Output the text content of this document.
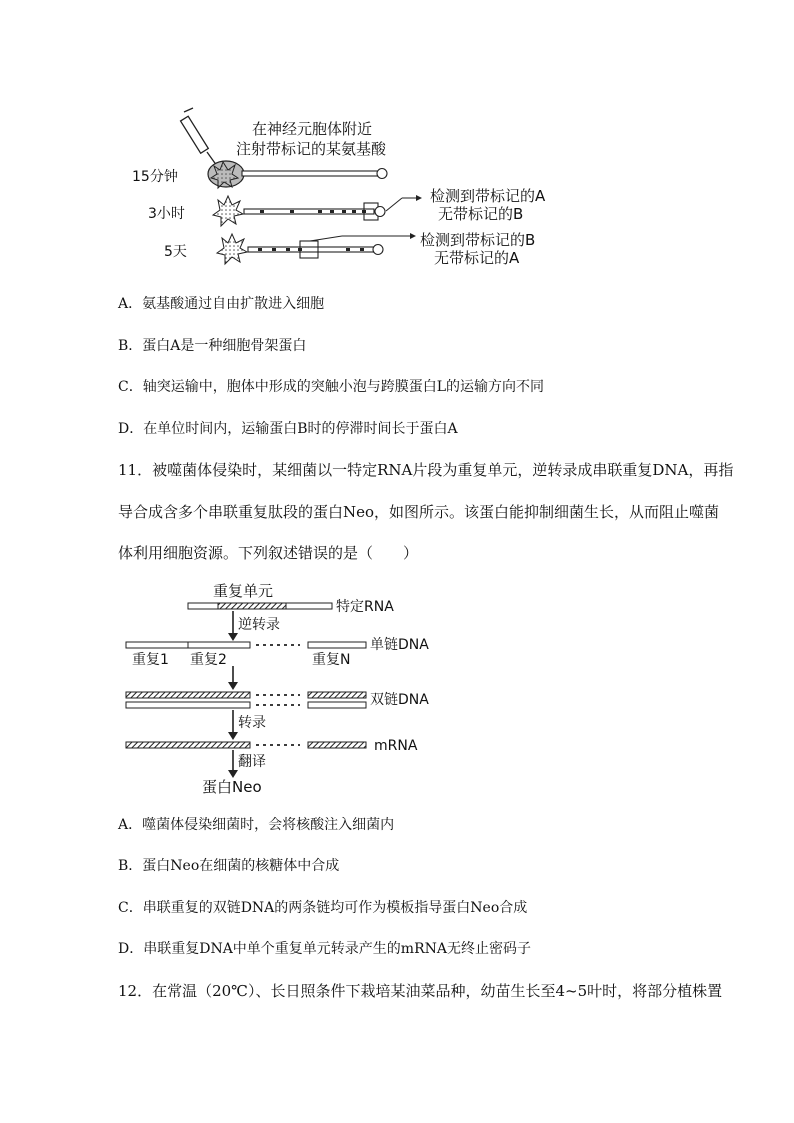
在神经元胞体附近
注射带标记的某氨基酸
15分钟
3小时
检测到带标记的A
无带标记的B
5天
检测到带标记的B
无带标记的A
A．氨基酸通过自由扩散进入细胞
B．蛋白A是一种细胞骨架蛋白
C．轴突运输中，胞体中形成的突触小泡与跨膜蛋白L的运输方向不同
D．在单位时间内，运输蛋白B时的停滞时间长于蛋白A
11．被噬菌体侵染时，某细菌以一特定RNA片段为重复单元，逆转录成串联重复DNA，再指
导合成含多个串联重复肽段的蛋白Neo，如图所示。该蛋白能抑制细菌生长，从而阻止噬菌
体利用细胞资源。下列叙述错误的是（　　）
重复单元
特定RNA
逆转录
单链DNA
重复1 重复2	重复N
双链DNA
转录
mRNA
翻译
蛋白Neo
A．噬菌体侵染细菌时，会将核酸注入细菌内
B．蛋白Neo在细菌的核糖体中合成
C．串联重复的双链DNA的两条链均可作为模板指导蛋白Neo合成
D．串联重复DNA中单个重复单元转录产生的mRNA无终止密码子
12．在常温（20℃）、长日照条件下栽培某油菜品种，幼苗生长至4~5叶时，将部分植株置
